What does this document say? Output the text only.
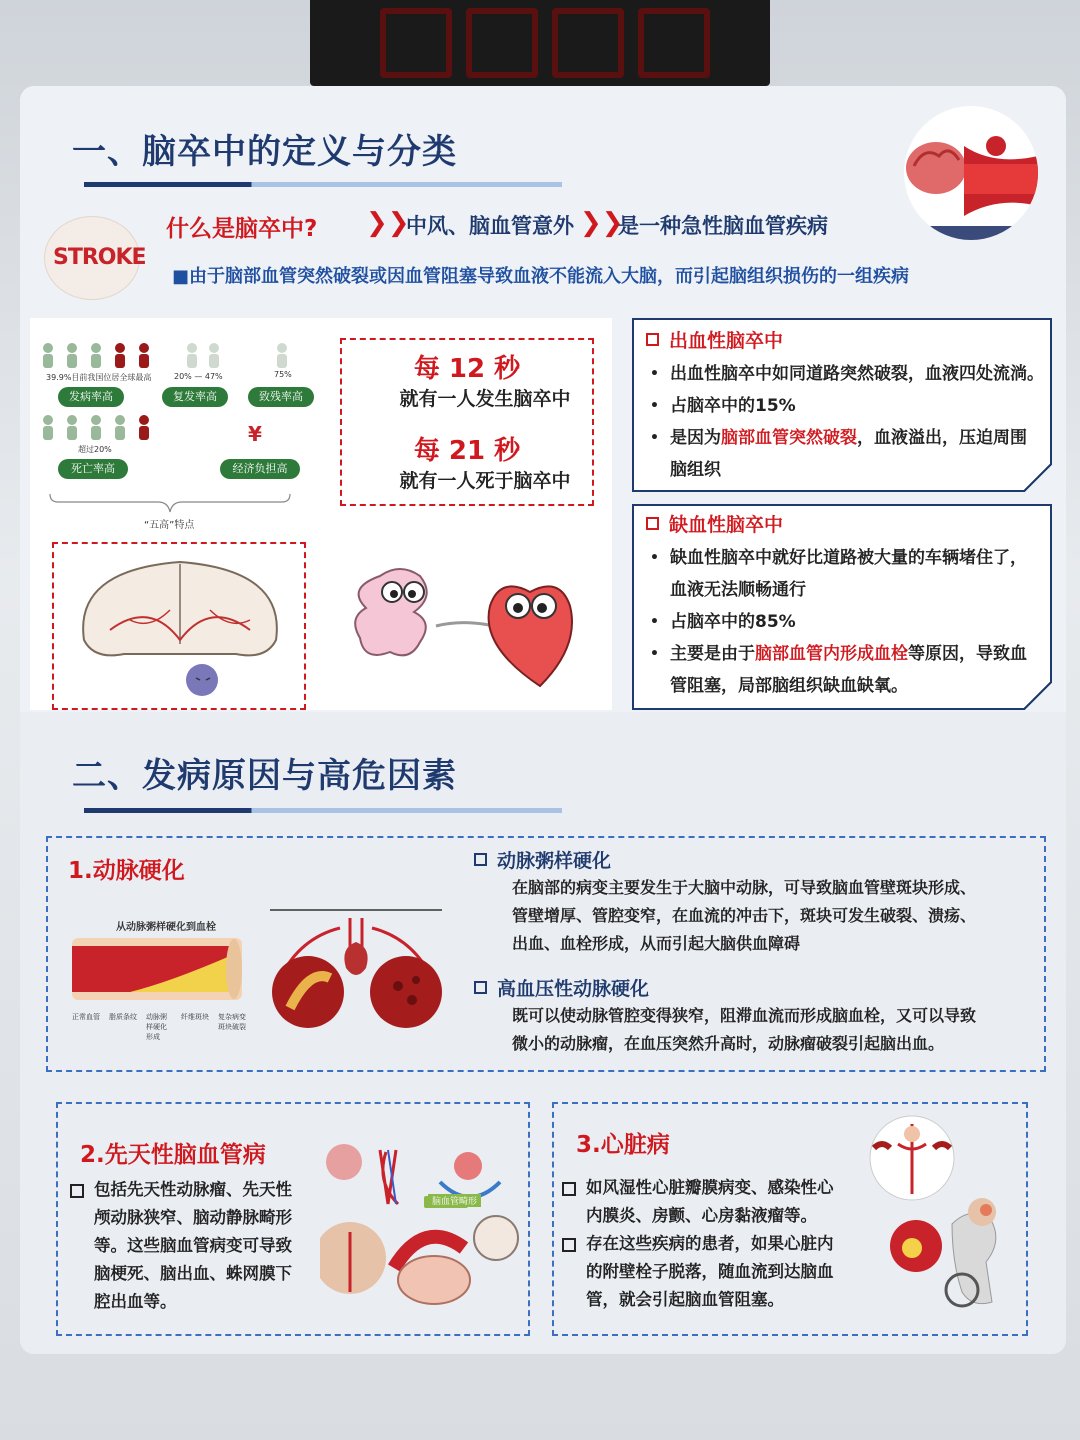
一、脑卒中的定义与分类
STROKE
什么是脑卒中? ❯❯
中风、脑血管意外 ❯❯
是一种急性脑血管疾病
■由于脑部血管突然破裂或因血管阻塞导致血液不能流入大脑，而引起脑组织损伤的一组疾病
39.9%目前我国位居全球最高	20% — 47%	75%
超过20%
发病率高	复发率高	致残率高
¥
死亡率高	经济负担高
“五高”特点
每 12 秒
就有一人发生脑卒中
每 21 秒
就有一人死于脑卒中
出血性脑卒中
• 出血性脑卒中如同道路突然破裂，血液四处流淌。
• 占脑卒中的15%
• 是因为脑部血管突然破裂，血液溢出，压迫周围
脑组织
缺血性脑卒中
• 缺血性脑卒中就好比道路被大量的车辆堵住了，
血液无法顺畅通行
• 占脑卒中的85%
• 主要是由于脑部血管内形成血栓等原因，导致血
管阻塞，局部脑组织缺血缺氧。
二、发病原因与高危因素
1.动脉硬化
从动脉粥样硬化到血栓
正常血管 脂质条纹 动脉粥样硬化形成
纤维斑块 复杂病变斑块破裂
动脉粥样硬化
在脑部的病变主要发生于大脑中动脉，可导致脑血管壁斑块形成、
管壁增厚、管腔变窄，在血流的冲击下，斑块可发生破裂、溃疡、
出血、血栓形成，从而引起大脑供血障碍
高血压性动脉硬化
既可以使动脉管腔变得狭窄，阻滞血流而形成脑血栓，又可以导致
微小的动脉瘤，在血压突然升高时，动脉瘤破裂引起脑出血。
2.先天性脑血管病
包括先天性动脉瘤、先天性
颅动脉狭窄、脑动静脉畸形
等。这些脑血管病变可导致
脑梗死、脑出血、蛛网膜下
腔出血等。
脑血管畸形
3.心脏病
如风湿性心脏瓣膜病变、感染性心
内膜炎、房颤、心房黏液瘤等。
存在这些疾病的患者，如果心脏内
的附壁栓子脱落，随血流到达脑血
管，就会引起脑血管阻塞。
